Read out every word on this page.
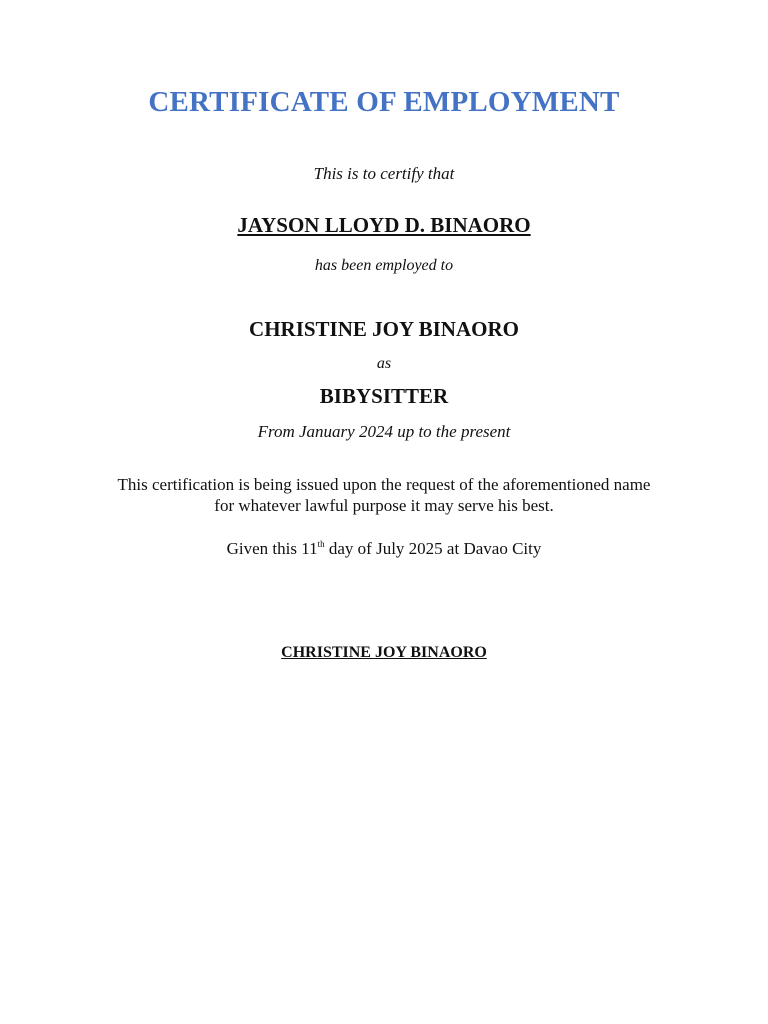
CERTIFICATE OF EMPLOYMENT
This is to certify that
JAYSON LLOYD D. BINAORO
has been employed to
CHRISTINE JOY BINAORO
as
BIBYSITTER
From January 2024 up to the present
This certification is being issued upon the request of the aforementioned name
for whatever lawful purpose it may serve his best.
Given this 11th day of July 2025 at Davao City
CHRISTINE JOY BINAORO
